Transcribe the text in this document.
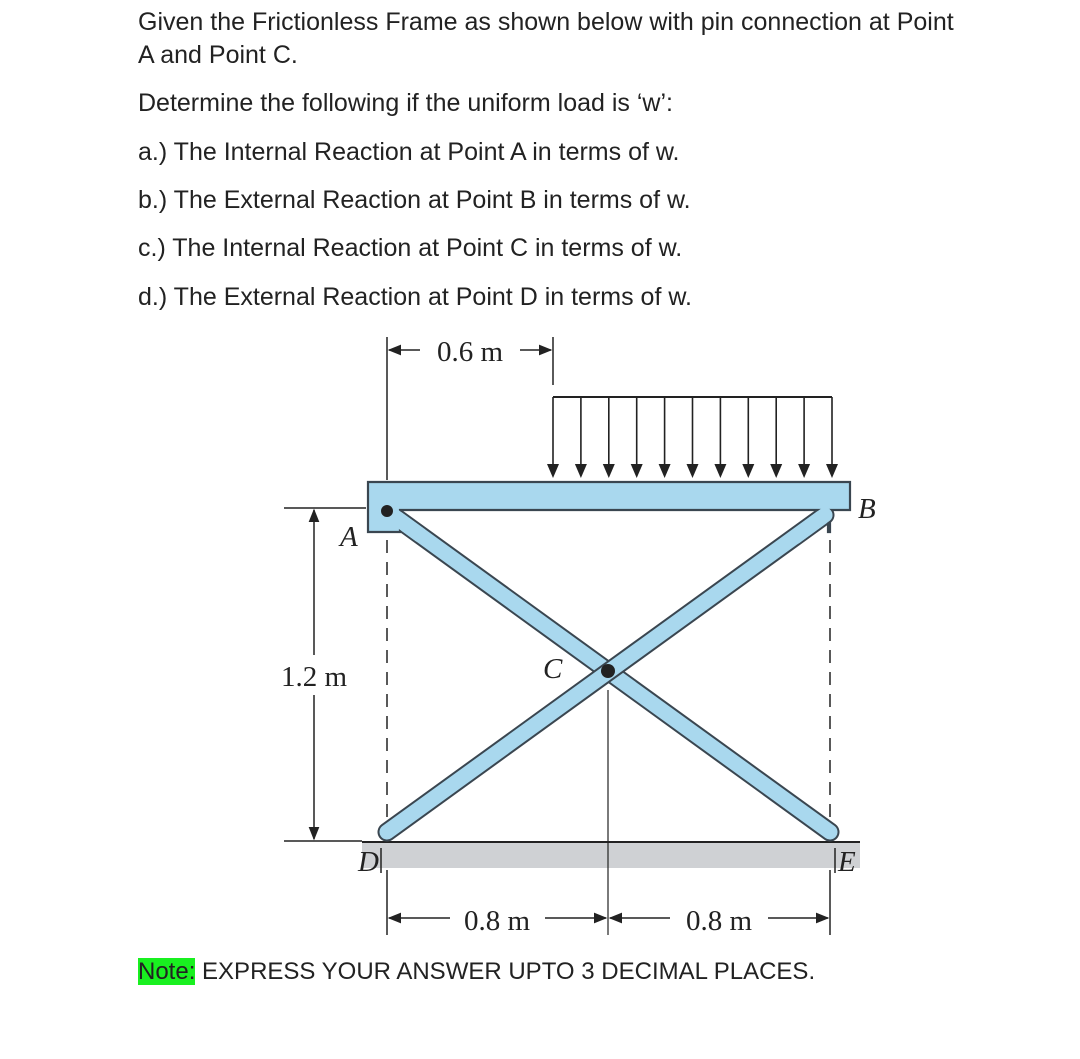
Given the Frictionless Frame as shown below with pin connection at Point
A and Point C.
Determine the following if the uniform load is ‘w’:
a.) The Internal Reaction at Point A in terms of w.
b.) The External Reaction at Point B in terms of w.
c.) The Internal Reaction at Point C in terms of w.
d.) The External Reaction at Point D in terms of w.
0.6 m
1.2 m
0.8 m	0.8 m
A
B
C
D	E
Note: EXPRESS YOUR ANSWER UPTO 3 DECIMAL PLACES.
